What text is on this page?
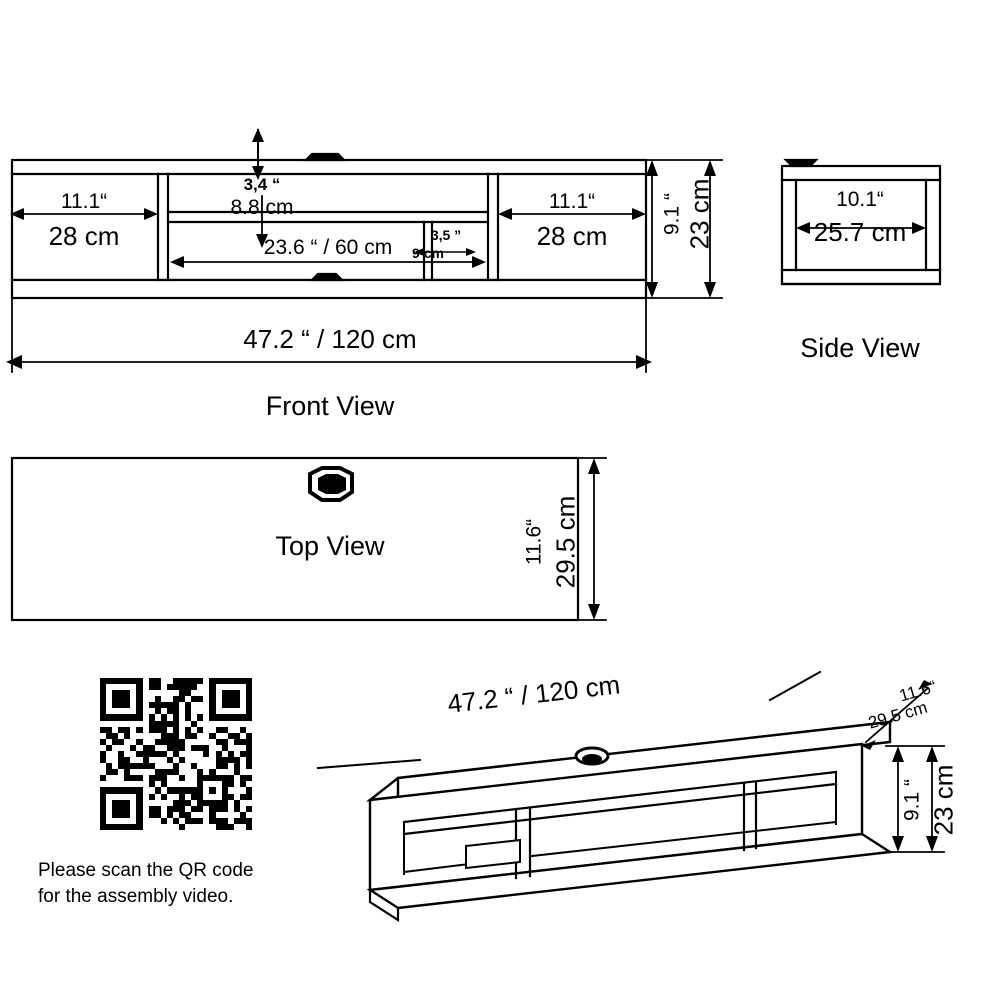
11.1“
28 cm
11.1“
28 cm
3,4 “
8.8 cm
23.6 “ / 60 cm
3,5 ”
9 cm
9.1 “ 23 cm
47.2 “ / 120 cm
Front View
10.1“
25.7 cm
Side View
Top View	11.6“ 29.5 cm
47.2 “ / 120 cm	11.6“
29.5 cm
9.1 “ 23 cm
Please scan the QR code
for the assembly video.
